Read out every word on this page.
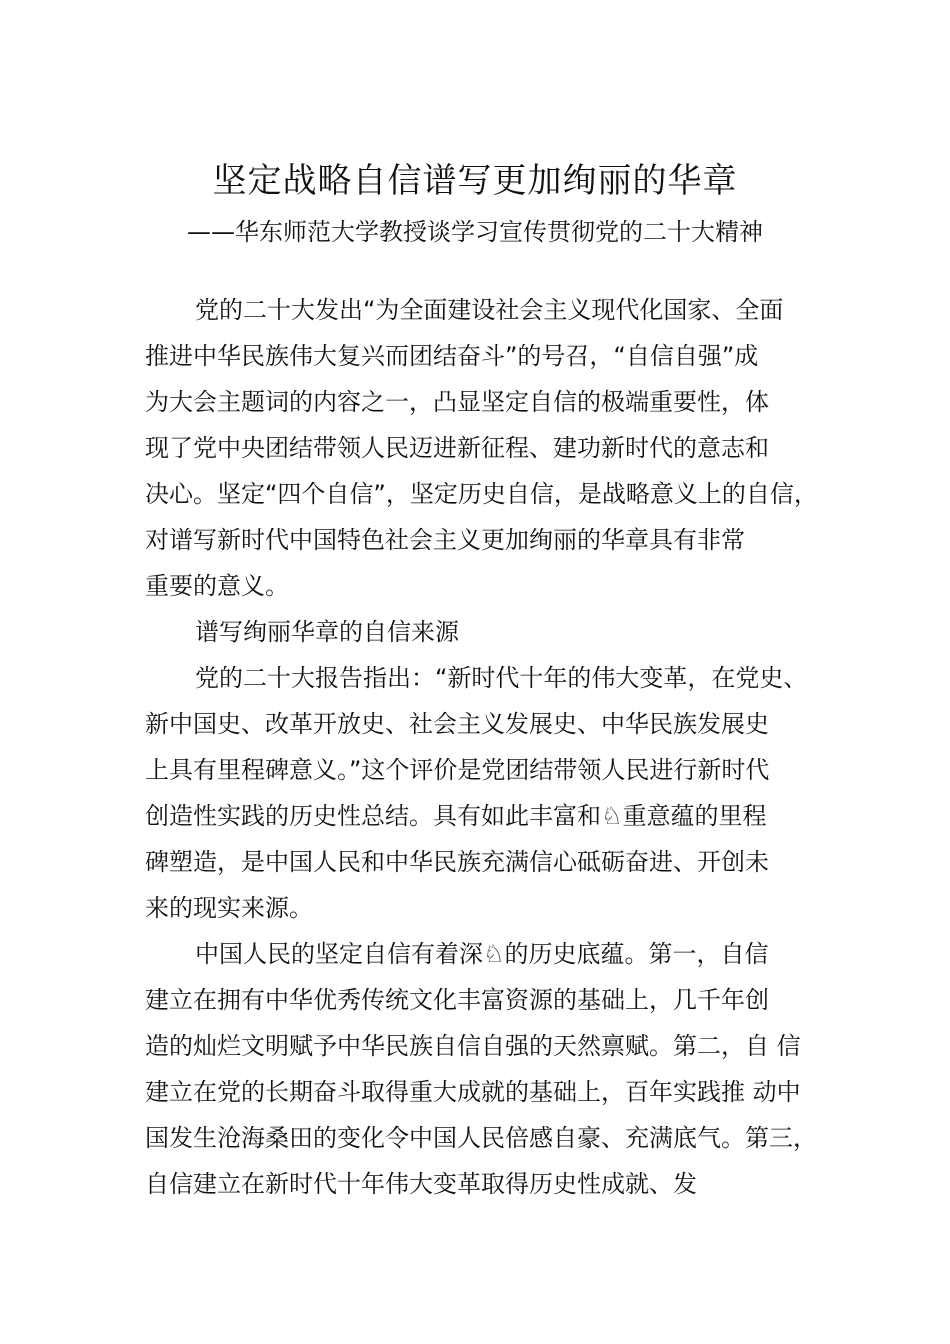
坚定战略自信谱写更加绚丽的华章
——华东师范大学教授谈学习宣传贯彻党的二十大精神
党的二十大发出“为全面建设社会主义现代化国家、全面
推进中华民族伟大复兴而团结奋斗”的号召，“自信自强”成
为大会主题词的内容之一，凸显坚定自信的极端重要性，体
现了党中央团结带领人民迈进新征程、建功新时代的意志和
决心。坚定“四个自信”，坚定历史自信，是战略意义上的自信，
对谱写新时代中国特色社会主义更加绚丽的华章具有非常
重要的意义。
谱写绚丽华章的自信来源
党的二十大报告指出：“新时代十年的伟大变革，在党史、
新中国史、改革开放史、社会主义发展史、中华民族发展史
上具有里程碑意义。”这个评价是党团结带领人民进行新时代
创造性实践的历史性总结。具有如此丰富和♘重意蕴的里程
碑塑造，是中国人民和中华民族充满信心砥砺奋进、开创未
来的现实来源。
中国人民的坚定自信有着深♘的历史底蕴。第一，自信
建立在拥有中华优秀传统文化丰富资源的基础上，几千年创
造的灿烂文明赋予中华民族自信自强的天然禀赋。第二，自 信
建立在党的长期奋斗取得重大成就的基础上，百年实践推 动中
国发生沧海桑田的变化令中国人民倍感自豪、充满底气。第三，
自信建立在新时代十年伟大变革取得历史性成就、发
